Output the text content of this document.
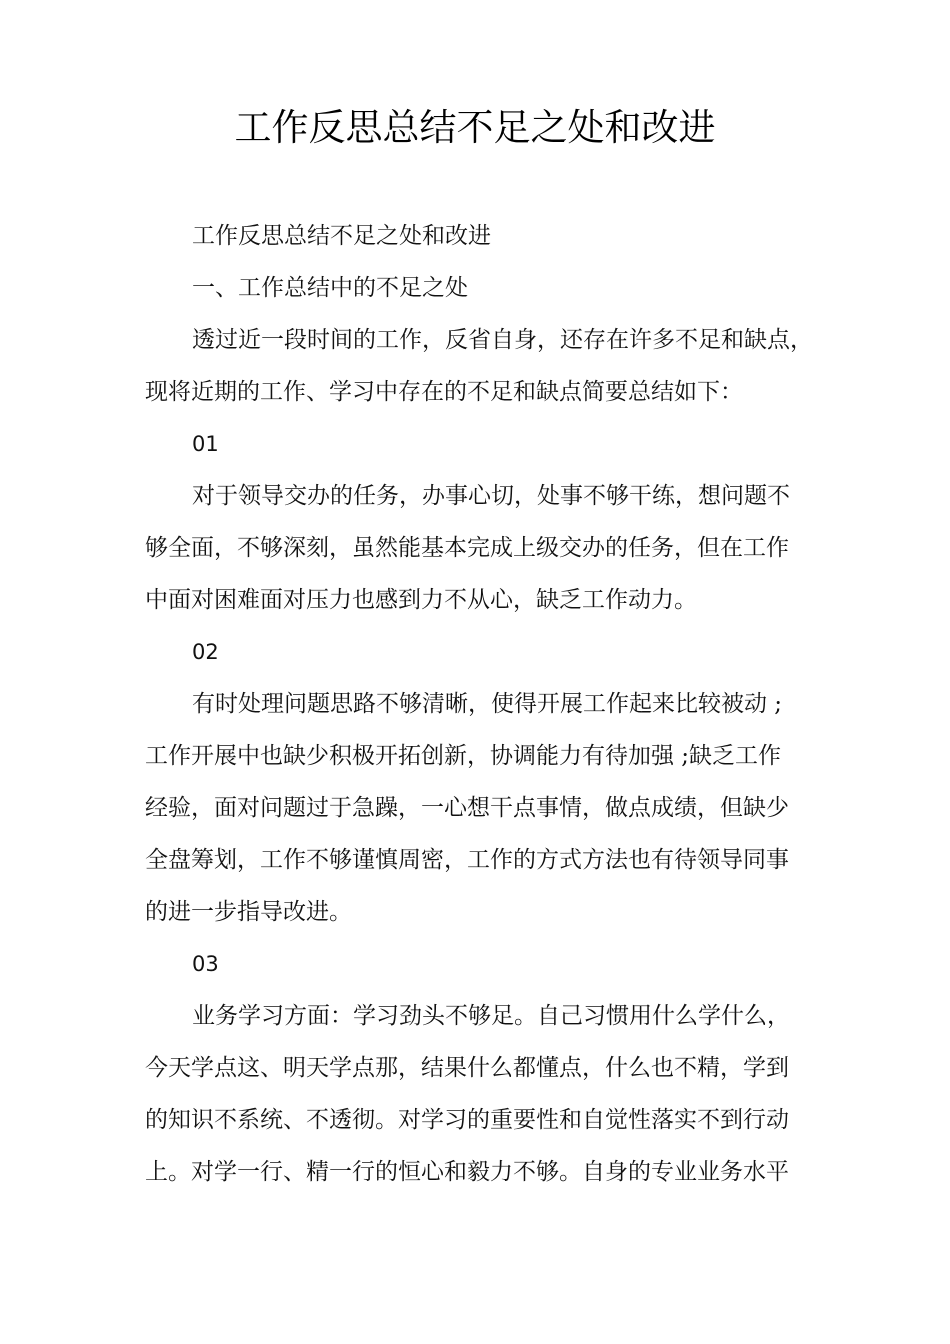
工作反思总结不足之处和改进
工作反思总结不足之处和改进
一、工作总结中的不足之处
透过近一段时间的工作，反省自身，还存在许多不足和缺点，
现将近期的工作、学习中存在的不足和缺点简要总结如下：
01
对于领导交办的任务，办事心切，处事不够干练，想问题不
够全面，不够深刻，虽然能基本完成上级交办的任务，但在工作
中面对困难面对压力也感到力不从心，缺乏工作动力。
02
有时处理问题思路不够清晰，使得开展工作起来比较被动 ;
工作开展中也缺少积极开拓创新，协调能力有待加强 ;缺乏工作
经验，面对问题过于急躁，一心想干点事情，做点成绩，但缺少
全盘筹划，工作不够谨慎周密，工作的方式方法也有待领导同事
的进一步指导改进。
03
业务学习方面：学习劲头不够足。自己习惯用什么学什么，
今天学点这、明天学点那，结果什么都懂点，什么也不精，学到
的知识不系统、不透彻。对学习的重要性和自觉性落实不到行动
上。对学一行、精一行的恒心和毅力不够。自身的专业业务水平
